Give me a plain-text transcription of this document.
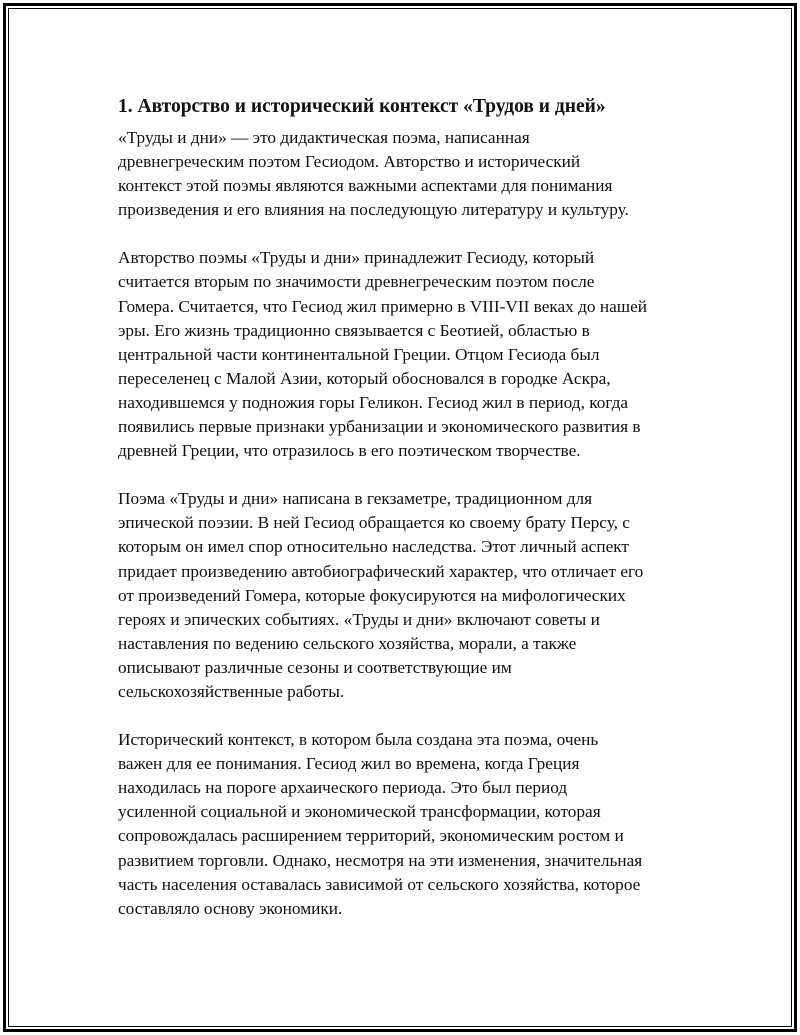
1. Авторство и исторический контекст «Трудов и дней»

«Труды и дни» — это дидактическая поэма, написанная
древнегреческим поэтом Гесиодом. Авторство и исторический
контекст этой поэмы являются важными аспектами для понимания
произведения и его влияния на последующую литературу и культуру.

Авторство поэмы «Труды и дни» принадлежит Гесиоду, который
считается вторым по значимости древнегреческим поэтом после
Гомера. Считается, что Гесиод жил примерно в VIII-VII веках до нашей
эры. Его жизнь традиционно связывается с Беотией, областью в
центральной части континентальной Греции. Отцом Гесиода был
переселенец с Малой Азии, который обосновался в городке Аскра,
находившемся у подножия горы Геликон. Гесиод жил в период, когда
появились первые признаки урбанизации и экономического развития в
древней Греции, что отразилось в его поэтическом творчестве.

Поэма «Труды и дни» написана в гекзаметре, традиционном для
эпической поэзии. В ней Гесиод обращается ко своему брату Персу, с
которым он имел спор относительно наследства. Этот личный аспект
придает произведению автобиографический характер, что отличает его
от произведений Гомера, которые фокусируются на мифологических
героях и эпических событиях. «Труды и дни» включают советы и
наставления по ведению сельского хозяйства, морали, а также
описывают различные сезоны и соответствующие им
сельскохозяйственные работы.

Исторический контекст, в котором была создана эта поэма, очень
важен для ее понимания. Гесиод жил во времена, когда Греция
находилась на пороге архаического периода. Это был период
усиленной социальной и экономической трансформации, которая
сопровождалась расширением территорий, экономическим ростом и
развитием торговли. Однако, несмотря на эти изменения, значительная
часть населения оставалась зависимой от сельского хозяйства, которое
составляло основу экономики.
